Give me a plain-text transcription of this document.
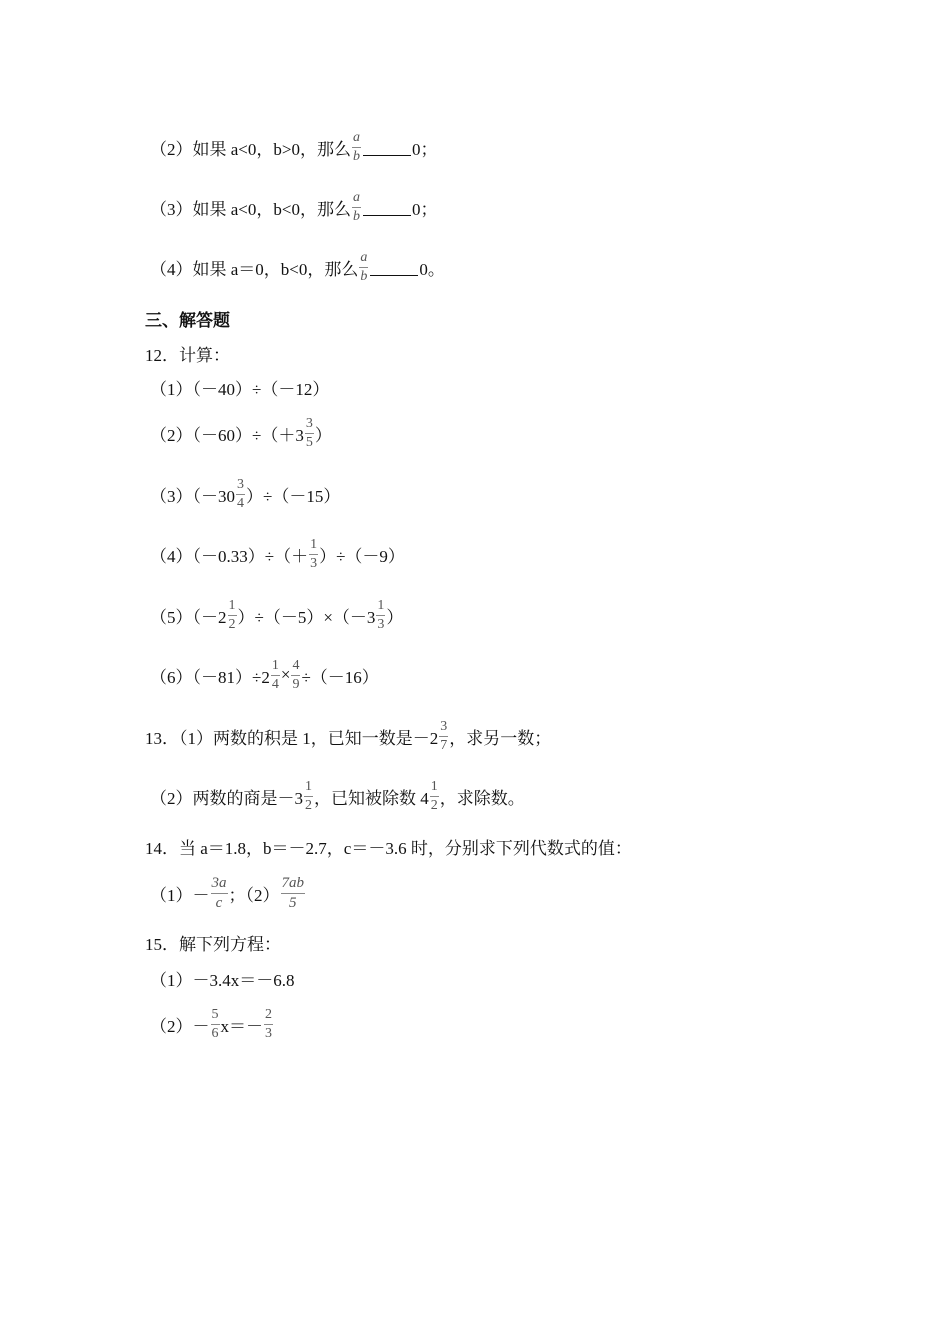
（2）如果 a<0，b>0，那么 $\frac{a}{b}$	0；
（3）如果 a<0，b<0，那么 $\frac{a}{b}$	0；
（4）如果 a＝0，b<0，那么 $\frac{a}{b}$	0。
三、解答题
12．计算：
（1）（－40）÷（－12）
$(2)(-60)\div(+3 \frac{3}{5}$ ）
$(3)(-30 \frac{3}{4} )\div(-15)$
$(4)(-0.33)\div(+ \frac{1}{3} )\div(-9)$
$(5)(-2 \frac{1}{2} )\div(-5)\times(-3 \frac{1}{3}$ ）
$(6)(-81)\div 2 \frac{1}{4} \times \frac{4}{9} \div(-16)$
13．（1）两数的积是 1，已知一数是$-2 \frac{3}{7}$ ，求另一数；
（2）两数的商是$-3 \frac{1}{2}$ ，已知被除数 $4 \frac{1}{2}$ ，求除数。
14．当 a＝1.8，b＝－2.7，c＝－3.6 时，分别求下列代数式的值：
$(1)- \frac{3a}{c}$ ；$(2) \frac{7ab}{5}$
15．解下列方程：
（1）－3.4x＝－6.8
$(2)- \frac{5}{6} x=- \frac{2}{3}$
